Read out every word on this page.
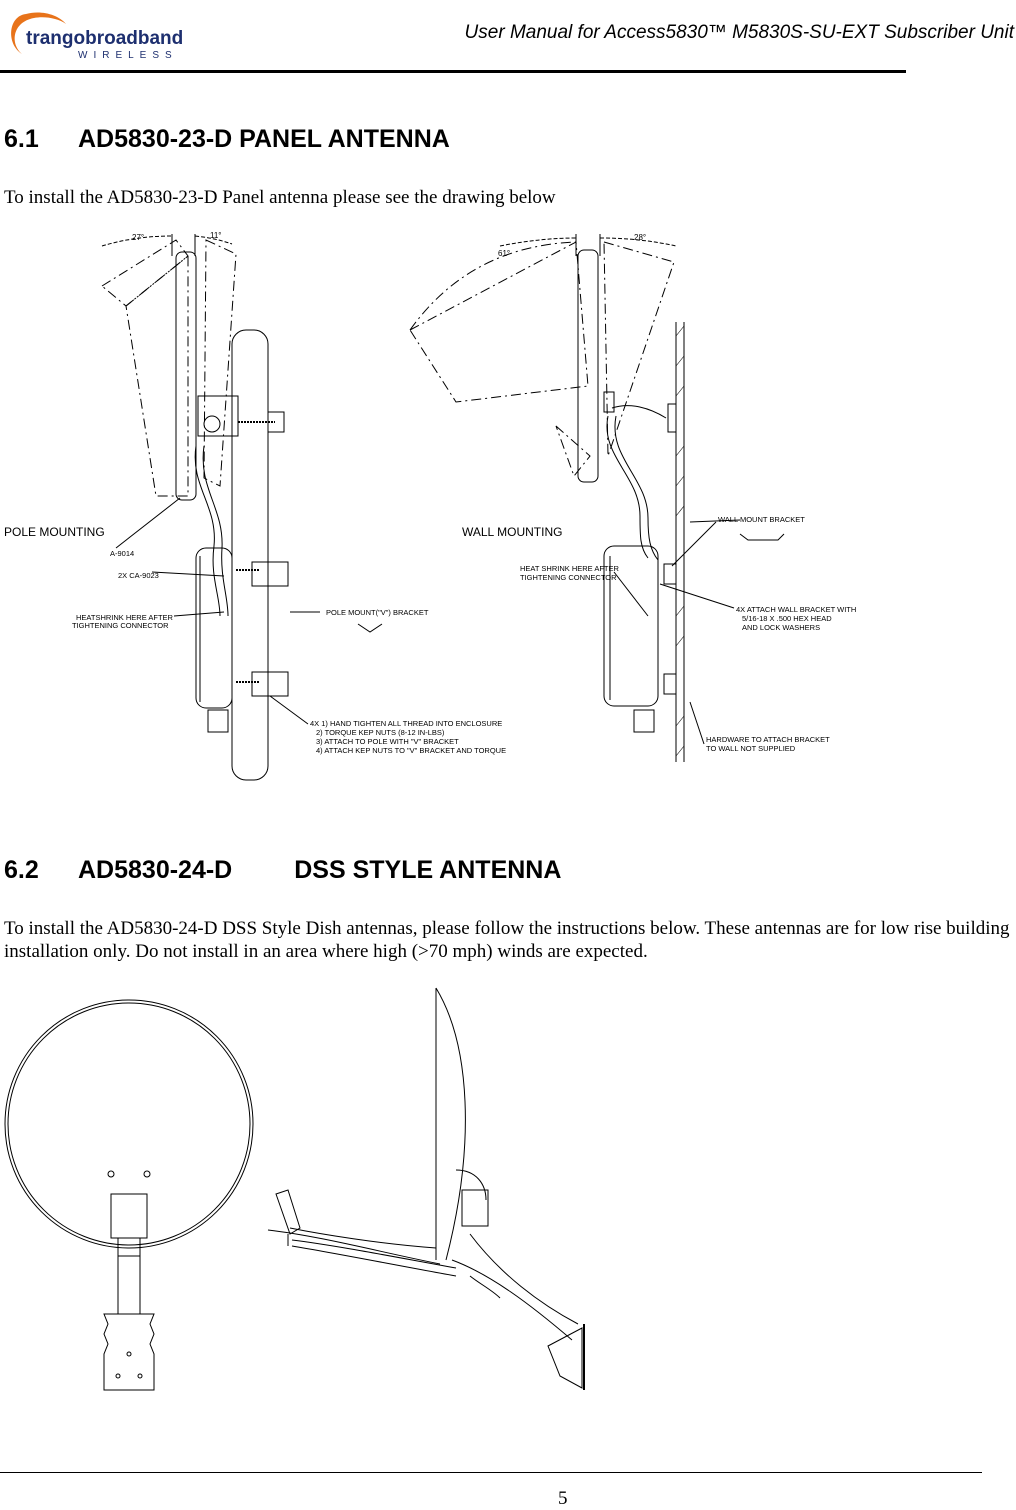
trangobroadband
WIRELESS
User Manual for Access5830™ M5830S-SU-EXT Subscriber Unit
6.1 AD5830-23-D PANEL ANTENNA
To install the AD5830-23-D Panel antenna please see the drawing below
27°	11°
61°
28°
POLE MOUNTING	WALL MOUNTING
A-9014
2X CA-9023
HEATSHRINK HERE AFTER
TIGHTENING CONNECTOR
POLE MOUNT("V") BRACKET
4X 1) HAND TIGHTEN ALL THREAD INTO ENCLOSURE
2) TORQUE KEP NUTS (8-12 IN-LBS)
3) ATTACH TO POLE WITH "V" BRACKET
4) ATTACH KEP NUTS TO "V" BRACKET AND TORQUE
WALL MOUNT BRACKET
HEAT SHRINK HERE AFTER
TIGHTENING CONNECTOR
4X ATTACH WALL BRACKET WITH
5/16-18 X .500 HEX HEAD
AND LOCK WASHERS
HARDWARE TO ATTACH BRACKET
TO WALL NOT SUPPLIED
6.2 AD5830-24-D DSS STYLE ANTENNA
To install the AD5830-24-D DSS Style Dish antennas, please follow the instructions below. These antennas are for low rise building installation only. Do not install in an area where high (>70 mph) winds are expected.
5
